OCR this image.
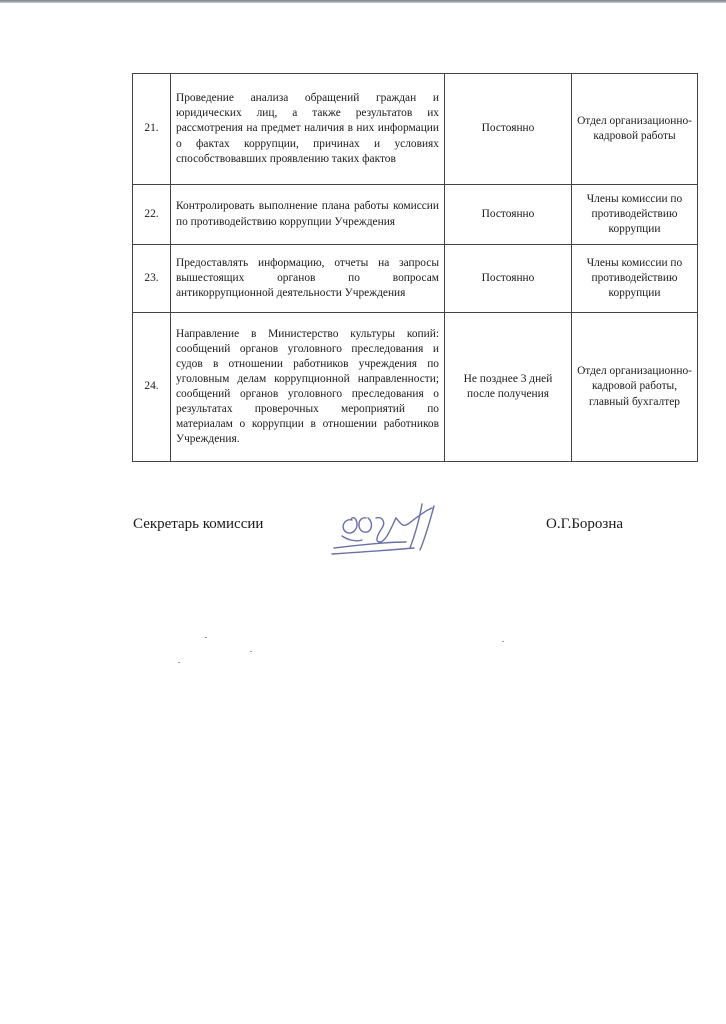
21.	Проведение анализа обращений граждан и юридических лиц, а также результатов их рассмотрения на предмет наличия в них информации о фактах коррупции, причинах и условиях способствовавших проявлению таких фактов	Постоянно	Отдел организационно-кадровой работы
22.	Контролировать выполнение плана работы комиссии по противодействию коррупции Учреждения	Постоянно	Члены комиссии по противодействию коррупции
23.	Предоставлять информацию, отчеты на запросы вышестоящих органов по вопросам антикоррупционной деятельности Учреждения	Постоянно	Члены комиссии по противодействию коррупции
24.	Направление в Министерство культуры копий: сообщений органов уголовного преследования и судов в отношении работников учреждения по уголовным делам коррупционной направленности; сообщений органов уголовного преследования о результатах проверочных мероприятий по материалам о коррупции в отношении работников Учреждения.	Не позднее 3 дней после получения	Отдел организационно-кадровой работы, главный бухгалтер
Секретарь комиссии	О.Г.Борозна
